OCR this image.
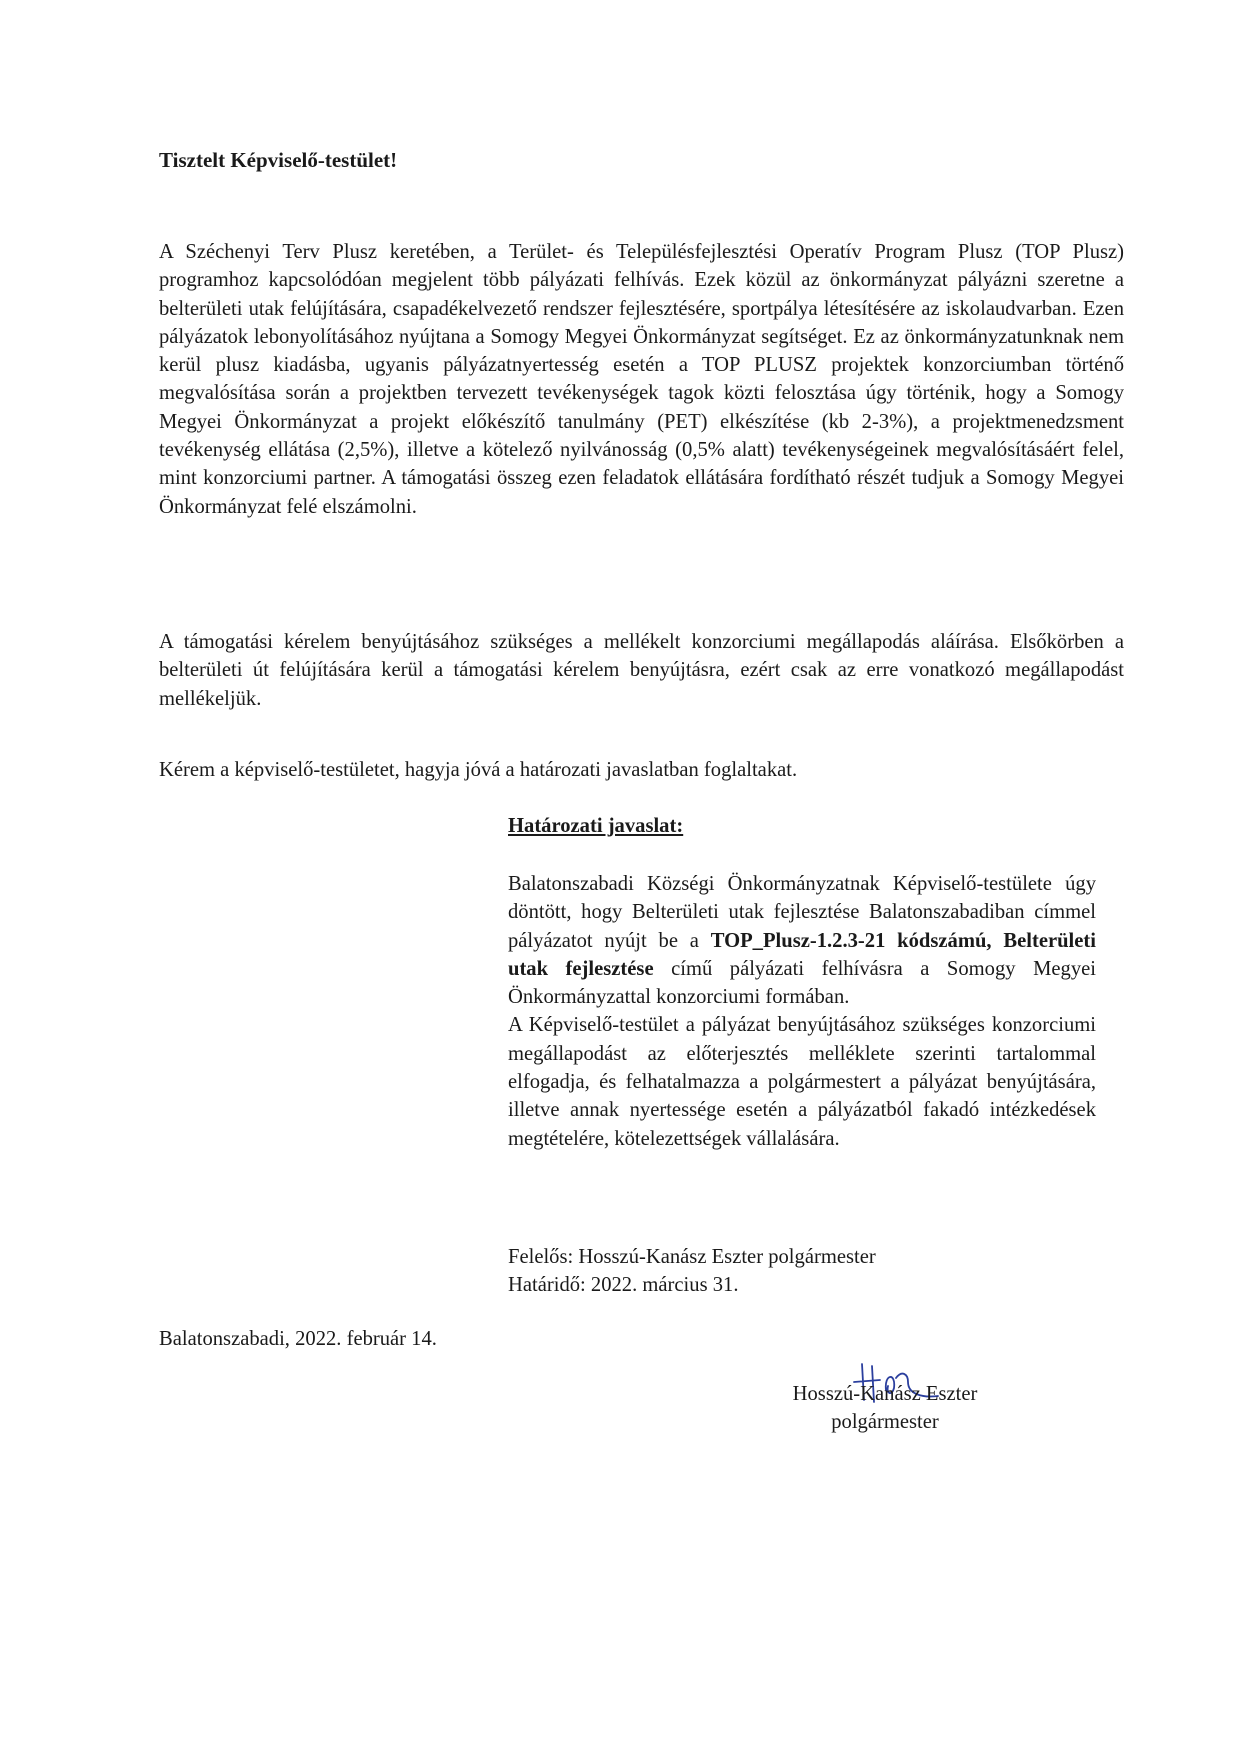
Tisztelt Képviselő-testület!
A Széchenyi Terv Plusz keretében, a Terület- és Településfejlesztési Operatív Program Plusz (TOP Plusz) programhoz kapcsolódóan megjelent több pályázati felhívás. Ezek közül az önkormányzat pályázni szeretne a belterületi utak felújítására, csapadékelvezető rendszer fejlesztésére, sportpálya létesítésére az iskolaudvarban. Ezen pályázatok lebonyolításához nyújtana a Somogy Megyei Önkormányzat segítséget. Ez az önkormányzatunknak nem kerül plusz kiadásba, ugyanis pályázatnyertesség esetén a TOP PLUSZ projektek konzorciumban történő megvalósítása során a projektben tervezett tevékenységek tagok közti felosztása úgy történik, hogy a Somogy Megyei Önkormányzat a projekt előkészítő tanulmány (PET) elkészítése (kb 2-3%), a projektmenedzsment tevékenység ellátása (2,5%), illetve a kötelező nyilvánosság (0,5% alatt) tevékenységeinek megvalósításáért felel, mint konzorciumi partner. A támogatási összeg ezen feladatok ellátására fordítható részét tudjuk a Somogy Megyei Önkormányzat felé elszámolni.
A támogatási kérelem benyújtásához szükséges a mellékelt konzorciumi megállapodás aláírása. Elsőkörben a belterületi út felújítására kerül a támogatási kérelem benyújtásra, ezért csak az erre vonatkozó megállapodást mellékeljük.
Kérem a képviselő-testületet, hagyja jóvá a határozati javaslatban foglaltakat.
Határozati javaslat:
Balatonszabadi Községi Önkormányzatnak Képviselő-testülete úgy döntött, hogy Belterületi utak fejlesztése Balatonszabadiban címmel pályázatot nyújt be a TOP_Plusz-1.2.3-21 kódszámú, Belterületi utak fejlesztése című pályázati felhívásra a Somogy Megyei Önkormányzattal konzorciumi formában.
A Képviselő-testület a pályázat benyújtásához szükséges konzorciumi megállapodást az előterjesztés melléklete szerinti tartalommal elfogadja, és felhatalmazza a polgármestert a pályázat benyújtására, illetve annak nyertessége esetén a pályázatból fakadó intézkedések megtételére, kötelezettségek vállalására.
Felelős: Hosszú-Kanász Eszter polgármester
Határidő: 2022. március 31.
Balatonszabadi, 2022. február 14.
Hosszú-Kanász Eszter
polgármester
